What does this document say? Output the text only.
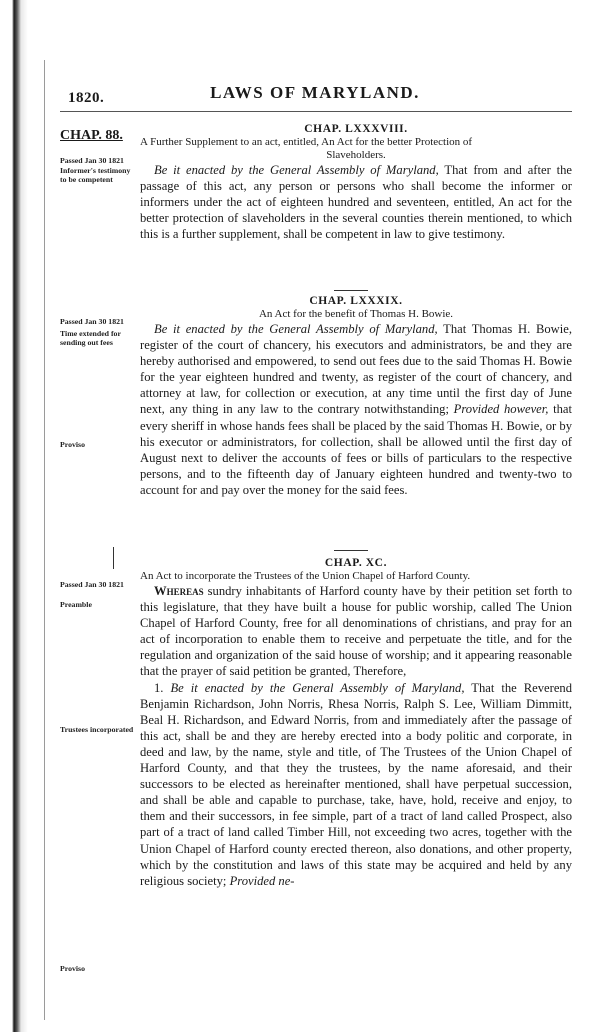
1820.	LAWS OF MARYLAND.
CHAP. 88.	CHAP. LXXXVIII.
A Further Supplement to an act, entitled, An Act for the better Protection of
Slaveholders.

Be it enacted by the General Assembly of Maryland, That from and after the passage of this act, any person or persons who shall become the informer or informers under the act of eighteen hundred and seventeen, entitled, An act for the better protection of slaveholders in the several counties therein mentioned, to which this is a further supplement, shall be competent in law to give testimony.

Passed Jan 30 1821
Informer's testimony to be competent
CHAP. LXXXIX.
An Act for the benefit of Thomas H. Bowie.

Be it enacted by the General Assembly of Maryland, That Thomas H. Bowie, register of the court of chancery, his executors and administrators, be and they are hereby authorised and empowered, to send out fees due to the said Thomas H. Bowie for the year eighteen hundred and twenty, as register of the court of chancery, and attorney at law, for collection or execution, at any time until the first day of June next, any thing in any law to the contrary notwithstanding; Provided however, that every sheriff in whose hands fees shall be placed by the said Thomas H. Bowie, or by his executor or administrators, for collection, shall be allowed until the first day of August next to deliver the accounts of fees or bills of particulars to the respective persons, and to the fifteenth day of January eighteen hundred and twenty-two to account for and pay over the money for the said fees.

Passed Jan 30 1821
Time extended for sending out fees
Proviso
CHAP. XC.
An Act to incorporate the Trustees of the Union Chapel of Harford County.

Whereas sundry inhabitants of Harford county have by their petition set forth to this legislature, that they have built a house for public worship, called The Union Chapel of Harford County, free for all denominations of christians, and pray for an act of incorporation to enable them to receive and perpetuate the title, and for the regulation and organization of the said house of worship; and it appearing reasonable that the prayer of said petition be granted, Therefore,

1. Be it enacted by the General Assembly of Maryland, That the Reverend Benjamin Richardson, John Norris, Rhesa Norris, Ralph S. Lee, William Dimmitt, Beal H. Richardson, and Edward Norris, from and immediately after the passage of this act, shall be and they are hereby erected into a body politic and corporate, in deed and law, by the name, style and title, of The Trustees of the Union Chapel of Harford County, and that they the trustees, by the name aforesaid, and their successors to be elected as hereinafter mentioned, shall have perpetual succession, and shall be able and capable to purchase, take, have, hold, receive and enjoy, to them and their successors, in fee simple, part of a tract of land called Prospect, also part of a tract of land called Timber Hill, not exceeding two acres, together with the Union Chapel of Harford county erected thereon, also donations, and other property, which by the constitution and laws of this state may be acquired and held by any religious society; Provided ne-

Passed Jan 30 1821
Preamble
Trustees incorporated
Proviso
